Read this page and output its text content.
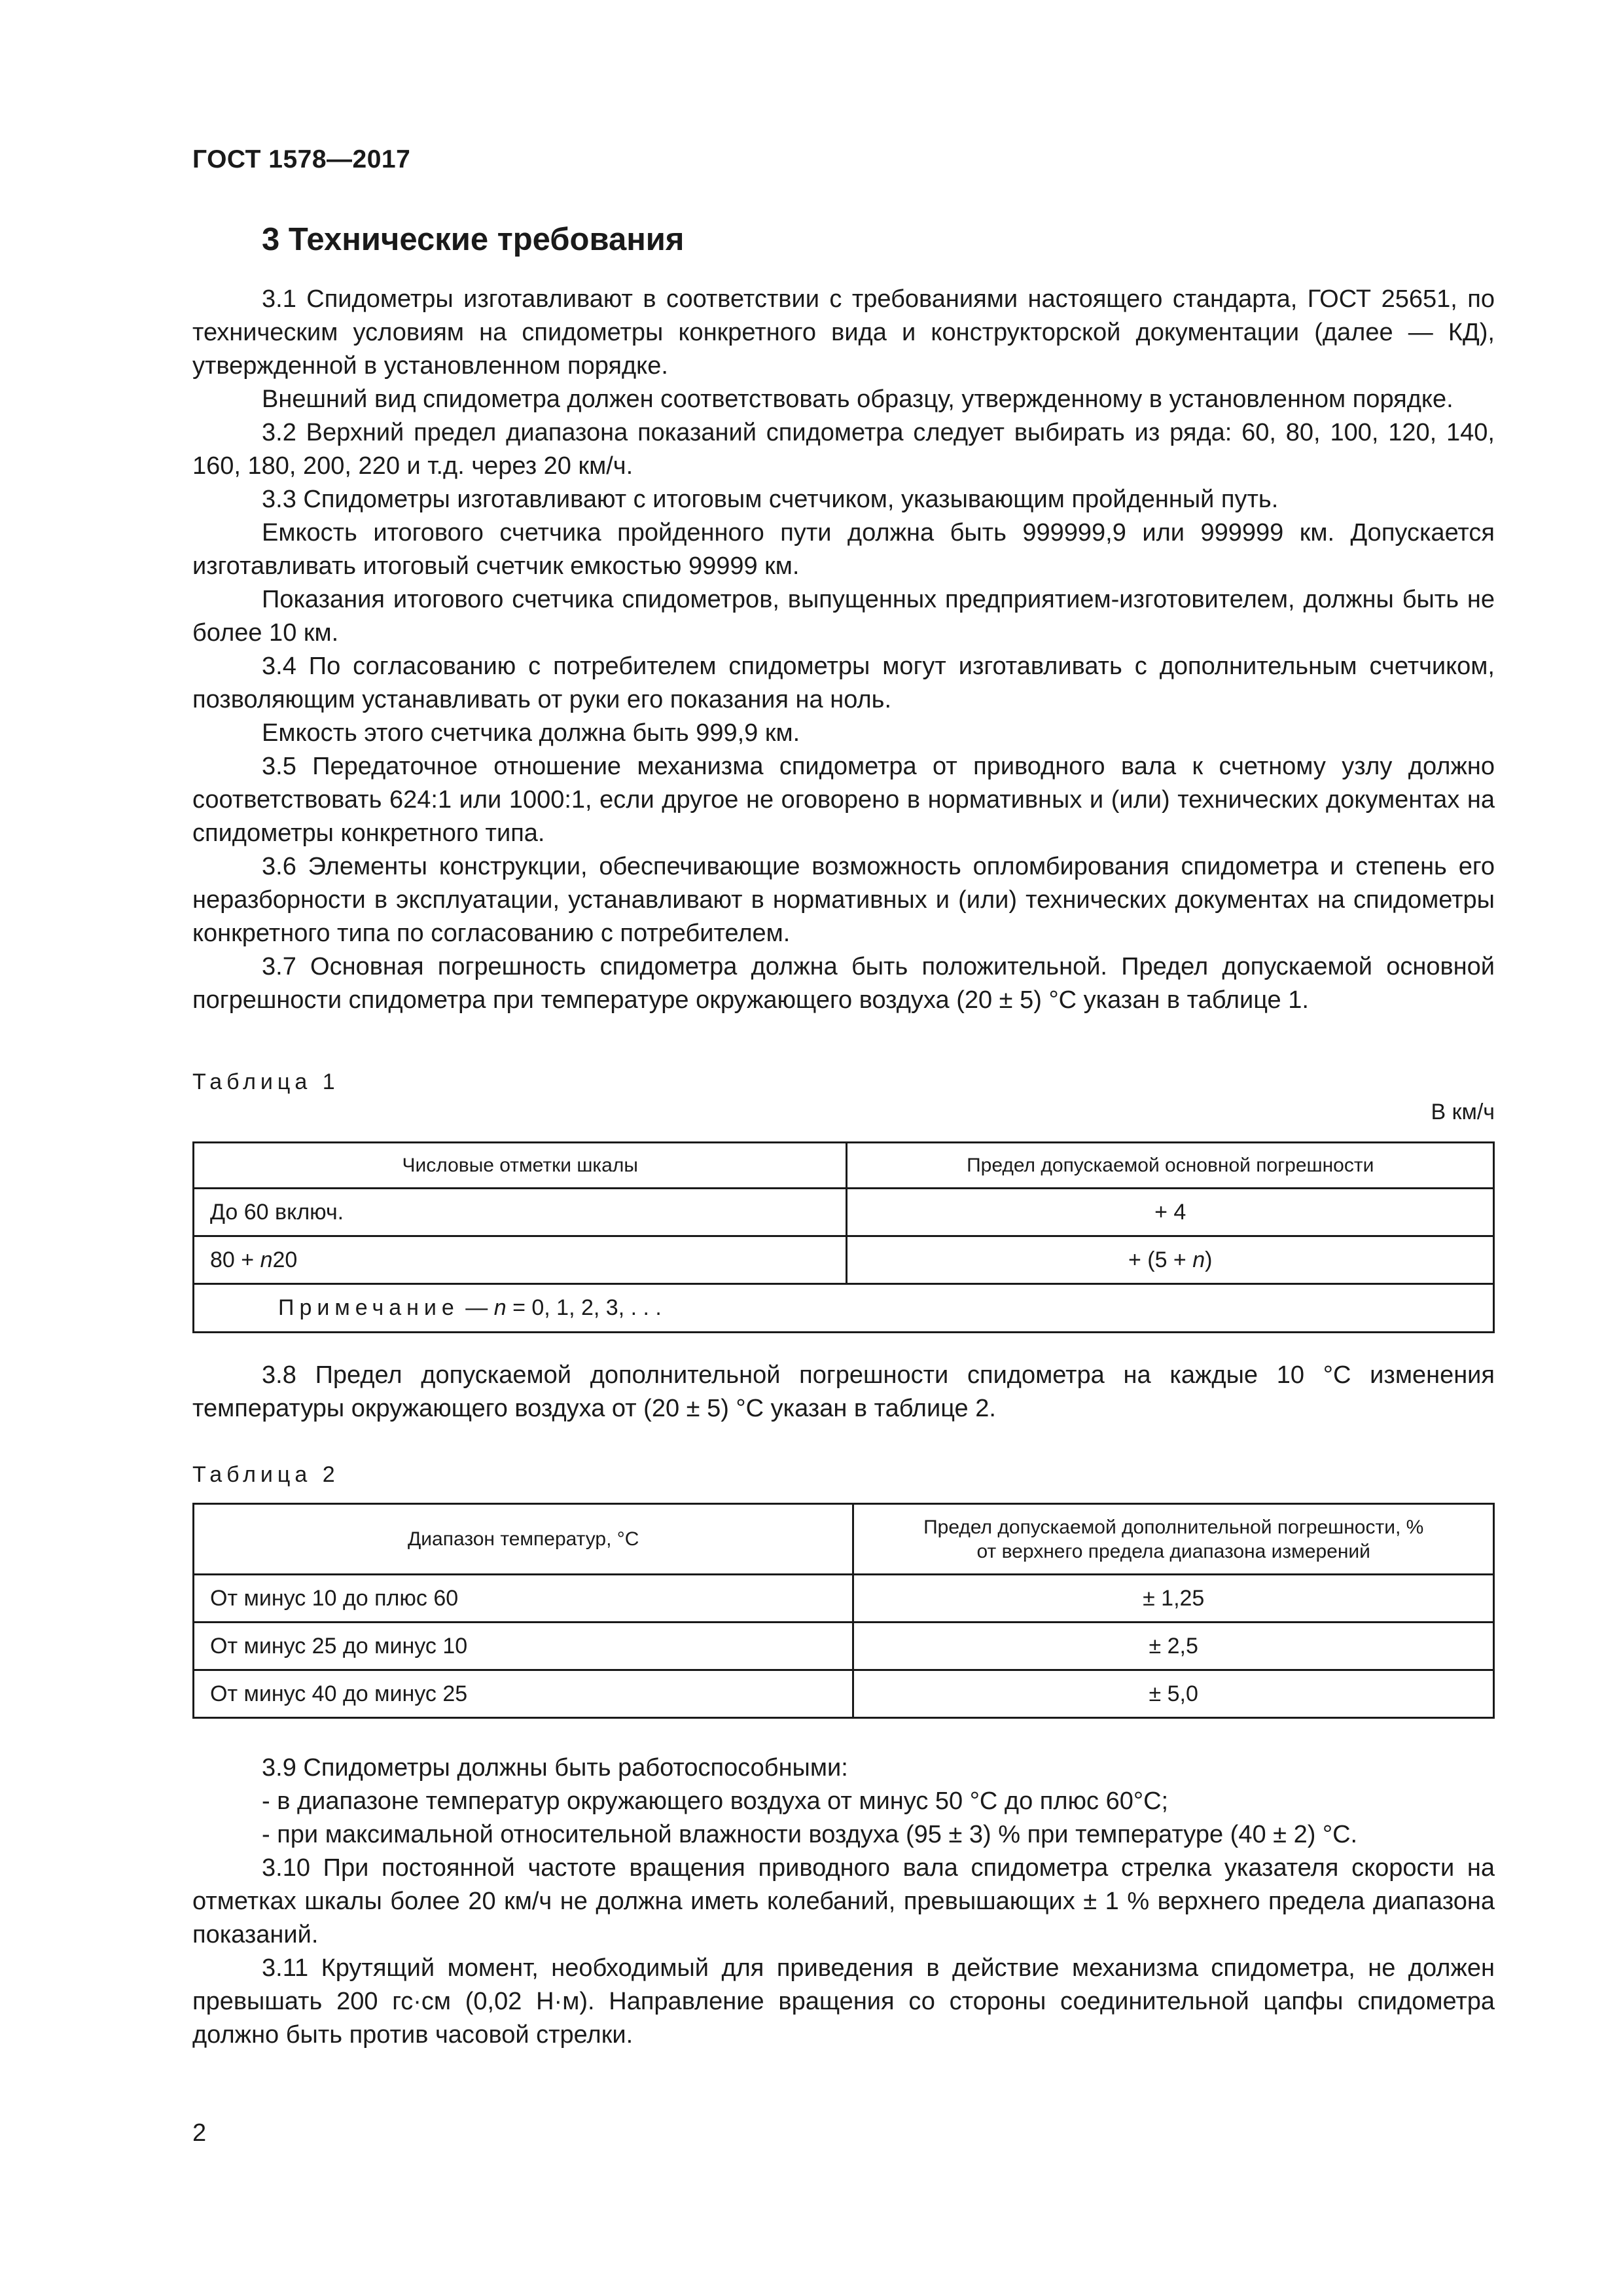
ГОСТ 1578—2017
3 Технические требования

3.1 Спидометры изготавливают в соответствии с требованиями настоящего стандарта, ГОСТ 25651, по техническим условиям на спидометры конкретного вида и конструкторской документации (далее — КД), утвержденной в установленном порядке.

Внешний вид спидометра должен соответствовать образцу, утвержденному в установленном порядке.

3.2 Верхний предел диапазона показаний спидометра следует выбирать из ряда: 60, 80, 100, 120, 140, 160, 180, 200, 220 и т.д. через 20 км/ч.

3.3 Спидометры изготавливают с итоговым счетчиком, указывающим пройденный путь.

Емкость итогового счетчика пройденного пути должна быть 999999,9 или 999999 км. Допускается изготавливать итоговый счетчик емкостью 99999 км.

Показания итогового счетчика спидометров, выпущенных предприятием-изготовителем, должны быть не более 10 км.

3.4 По согласованию с потребителем спидометры могут изготавливать с дополнительным счетчиком, позволяющим устанавливать от руки его показания на ноль.

Емкость этого счетчика должна быть 999,9 км.

3.5 Передаточное отношение механизма спидометра от приводного вала к счетному узлу должно соответствовать 624:1 или 1000:1, если другое не оговорено в нормативных и (или) технических документах на спидометры конкретного типа.

3.6 Элементы конструкции, обеспечивающие возможность опломбирования спидометра и степень его неразборности в эксплуатации, устанавливают в нормативных и (или) технических документах на спидометры конкретного типа по согласованию с потребителем.

3.7 Основная погрешность спидометра должна быть положительной. Предел допускаемой основной погрешности спидометра при температуре окружающего воздуха (20 ± 5) °С указан в таблице 1.

Таблица 1
В км/ч
Числовые отметки шкалы	Предел допускаемой основной погрешности
До 60 включ.	+ 4
80 + n20	+ (5 + n)
Примечание — n = 0, 1, 2, 3, . . .	

3.8 Предел допускаемой дополнительной погрешности спидометра на каждые 10 °С изменения температуры окружающего воздуха от (20 ± 5) °С указан в таблице 2.

Таблица 2
Диапазон температур, °С	Предел допускаемой дополнительной погрешности, %
от верхнего предела диапазона измерений
От минус 10 до плюс 60	± 1,25
От минус 25 до минус 10	± 2,5
От минус 40 до минус 25	± 5,0

3.9 Спидометры должны быть работоспособными:

- в диапазоне температур окружающего воздуха от минус 50 °С до плюс 60°С;

- при максимальной относительной влажности воздуха (95 ± 3) % при температуре (40 ± 2) °С.

3.10 При постоянной частоте вращения приводного вала спидометра стрелка указателя скорости на отметках шкалы более 20 км/ч не должна иметь колебаний, превышающих ± 1 % верхнего предела диапазона показаний.

3.11 Крутящий момент, необходимый для приведения в действие механизма спидометра, не должен превышать 200 гс·см (0,02 Н·м). Направление вращения со стороны соединительной цапфы спидометра должно быть против часовой стрелки.

2
